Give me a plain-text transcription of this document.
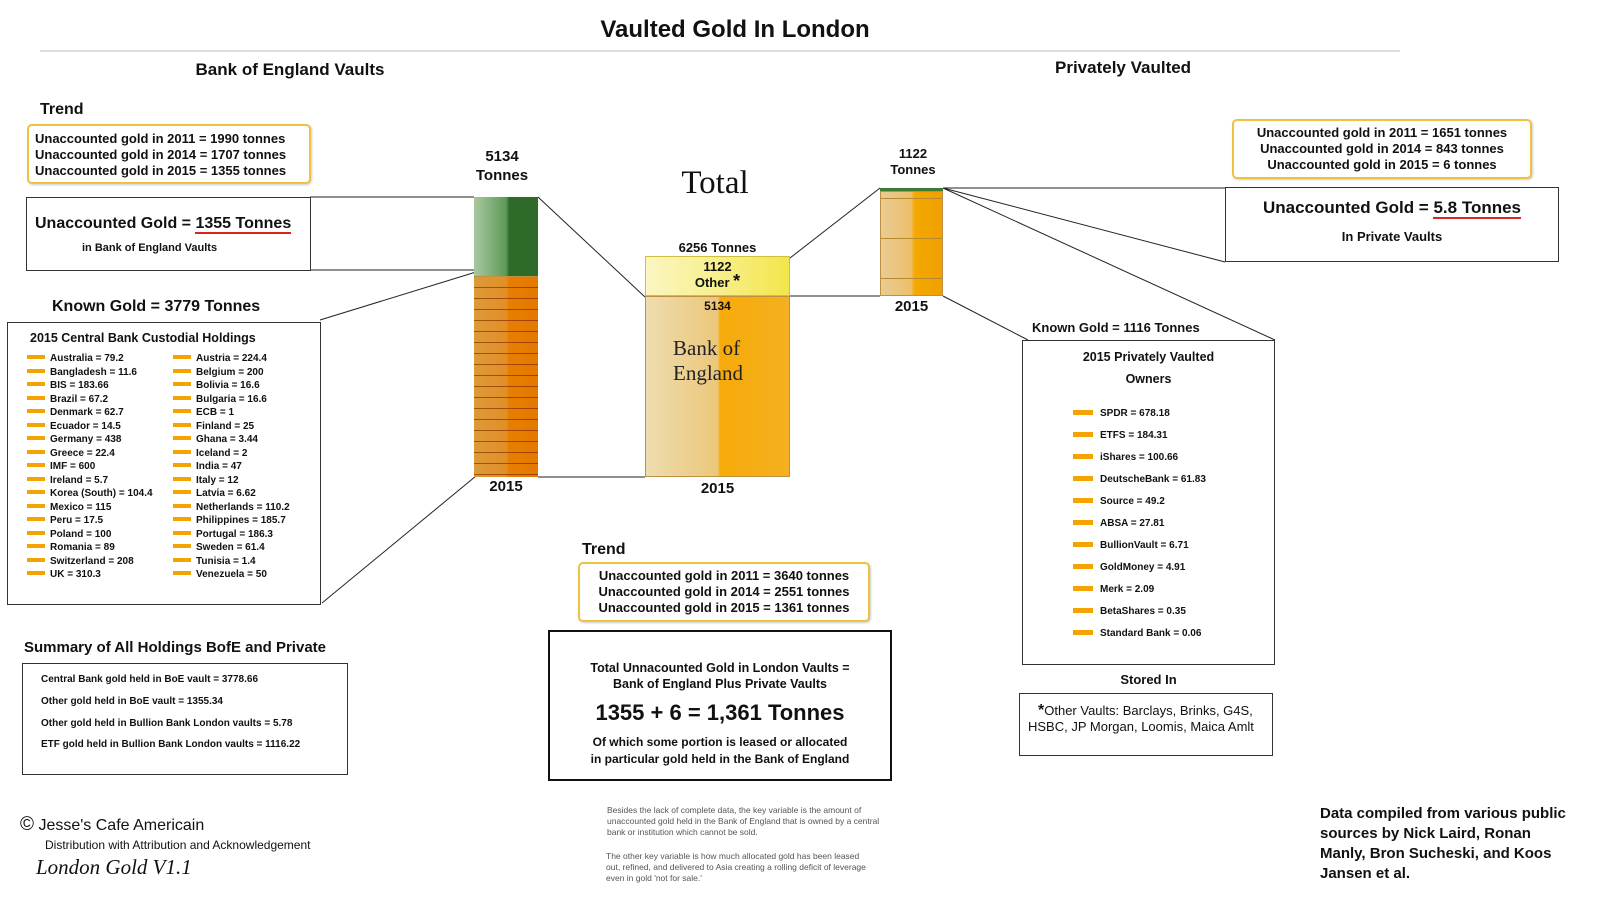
Vaulted Gold In London
Bank of England Vaults
Trend
Unaccounted gold in 2011 = 1990 tonnes
Unaccounted gold in 2014 = 1707 tonnes
Unaccounted gold in 2015 = 1355 tonnes
Unaccounted Gold = 1355 Tonnes
in Bank of England Vaults
Known Gold = 3779 Tonnes
2015 Central Bank Custodial Holdings
Australia = 79.2
Bangladesh = 11.6
BIS = 183.66
Brazil = 67.2
Denmark = 62.7
Ecuador = 14.5
Germany = 438
Greece = 22.4
IMF = 600
Ireland = 5.7
Korea (South) = 104.4
Mexico = 115
Peru = 17.5
Poland = 100
Romania = 89
Switzerland = 208
UK = 310.3
Austria = 224.4
Belgium = 200
Bolivia = 16.6
Bulgaria = 16.6
ECB = 1
Finland = 25
Ghana = 3.44
Iceland = 2
India = 47
Italy = 12
Latvia = 6.62
Netherlands = 110.2
Philippines = 185.7
Portugal = 186.3
Sweden = 61.4
Tunisia = 1.4
Venezuela = 50
5134
Tonnes
2015
Summary of All Holdings BofE and Private
Central Bank gold held in BoE vault = 3778.66
Other gold held in BoE vault = 1355.34
Other gold held in Bullion Bank London vaults = 5.78
ETF gold held in Bullion Bank London vaults = 1116.22
© Jesse's Cafe Americain
Distribution with Attribution and Acknowledgement
London Gold V1.1
Total
6256 Tonnes
1122
Other *
5134
Bank of
England
2015
Trend
Unaccounted gold in 2011 = 3640 tonnes
Unaccounted gold in 2014 = 2551 tonnes
Unaccounted gold in 2015 = 1361 tonnes
Total Unnacounted Gold in London Vaults =
Bank of England Plus Private Vaults
1355 + 6 = 1,361 Tonnes
Of which some portion is leased or allocated
in particular gold held in the Bank of England
Besides the lack of complete data, the key variable is the amount of unaccounted gold held in the Bank of England that is owned by a central bank or institution which cannot be sold.
The other key variable is how much allocated gold has been leased out, refined, and delivered to Asia creating a rolling deficit of leverage even in gold 'not for sale.'
Privately Vaulted
Unaccounted gold in 2011 = 1651 tonnes
Unaccounted gold in 2014 = 843 tonnes
Unaccounted gold in 2015 = 6 tonnes
Unaccounted Gold = 5.8 Tonnes
In Private Vaults
1122
Tonnes
2015
Known Gold = 1116 Tonnes
2015 Privately Vaulted
Owners
SPDR = 678.18
ETFS = 184.31
iShares = 100.66
DeutscheBank = 61.83
Source = 49.2
ABSA = 27.81
BullionVault = 6.71
GoldMoney = 4.91
Merk = 2.09
BetaShares = 0.35
Standard Bank = 0.06
Stored In
*Other Vaults: Barclays, Brinks, G4S,
HSBC, JP Morgan, Loomis, Maica Amlt
Data compiled from various public sources by Nick Laird, Ronan Manly, Bron Sucheski, and Koos Jansen et al.
